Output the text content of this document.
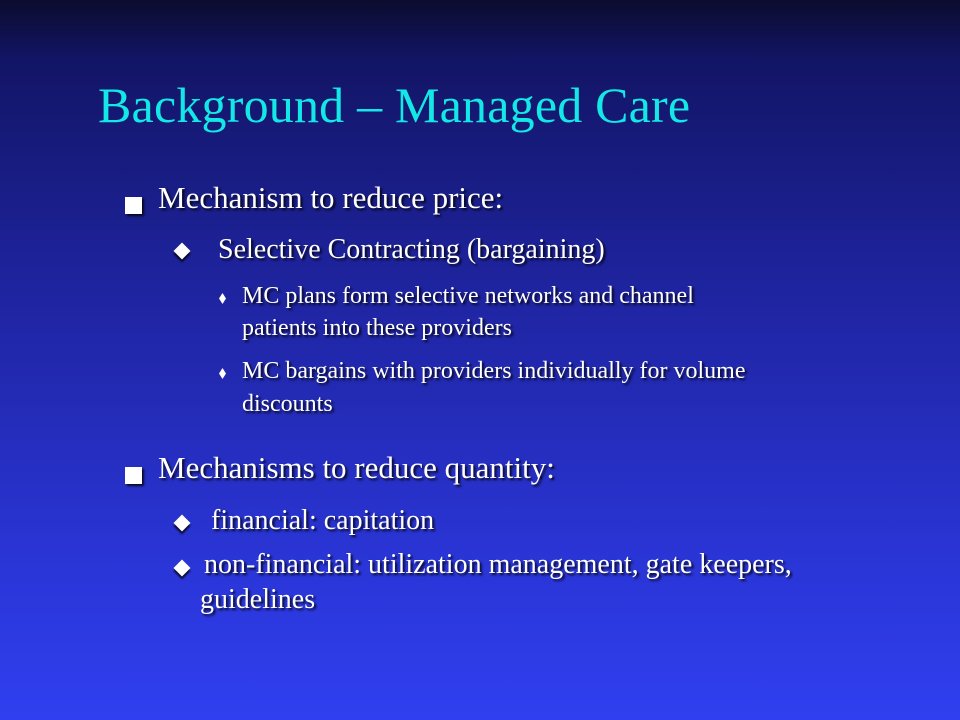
Background – Managed Care
Mechanism to reduce price:
Selective Contracting (bargaining)
MC plans form selective networks and channel
patients into these providers
MC bargains with providers individually for volume
discounts
Mechanisms to reduce quantity:
financial: capitation
non-financial: utilization management, gate keepers,
guidelines
